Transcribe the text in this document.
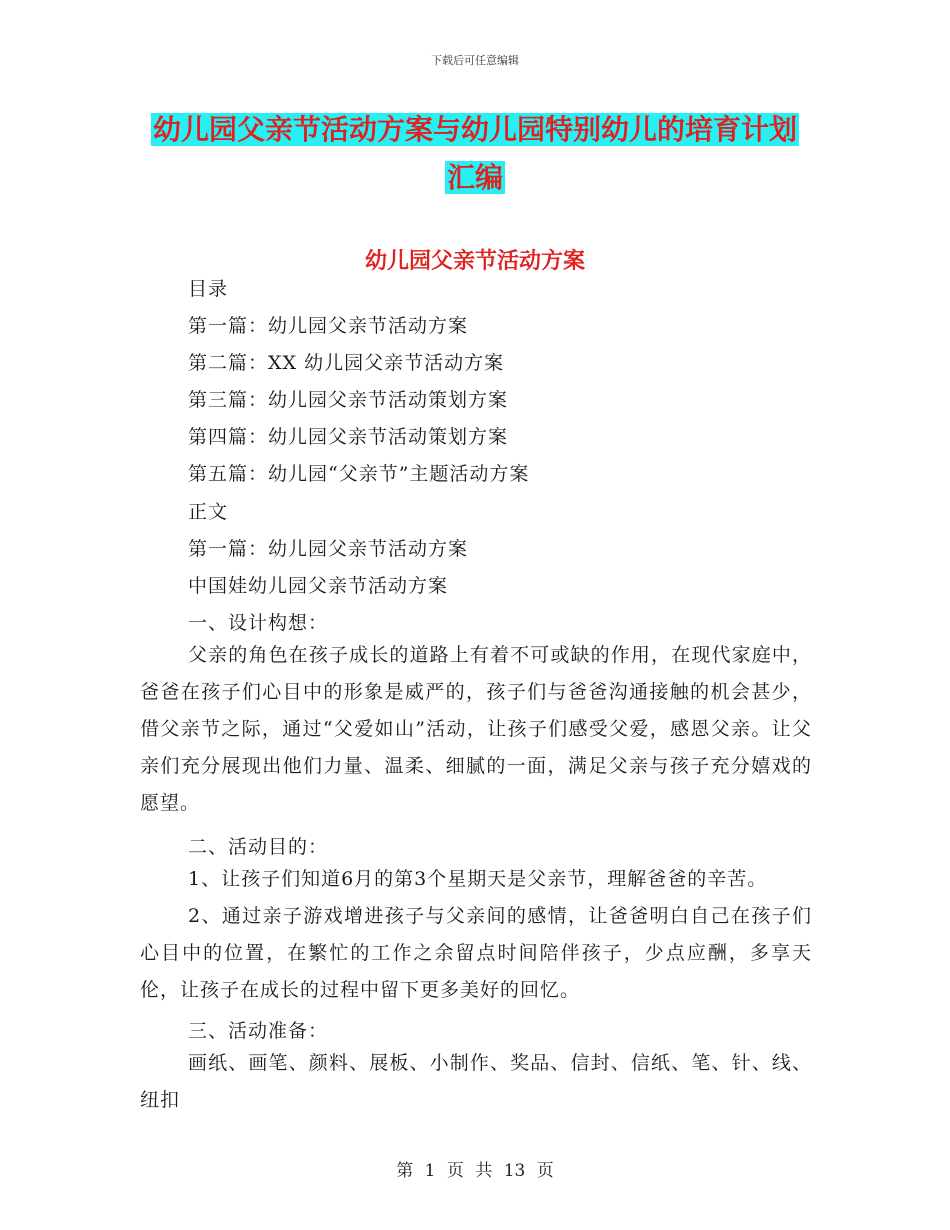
下载后可任意编辑
幼儿园父亲节活动方案与幼儿园特别幼儿的培育计划
汇编
幼儿园父亲节活动方案
目录
第一篇：幼儿园父亲节活动方案
第二篇：XX 幼儿园父亲节活动方案
第三篇：幼儿园父亲节活动策划方案
第四篇：幼儿园父亲节活动策划方案
第五篇：幼儿园“父亲节”主题活动方案
正文
第一篇：幼儿园父亲节活动方案
中国娃幼儿园父亲节活动方案
一、设计构想：
父亲的角色在孩子成长的道路上有着不可或缺的作用，在现代家庭中，爸爸在孩子们心目中的形象是威严的，孩子们与爸爸沟通接触的机会甚少，借父亲节之际，通过“父爱如山”活动，让孩子们感受父爱，感恩父亲。让父亲们充分展现出他们力量、温柔、细腻的一面，满足父亲与孩子充分嬉戏的愿望。
二、活动目的：
1、让孩子们知道6月的第3个星期天是父亲节，理解爸爸的辛苦。
2、通过亲子游戏增进孩子与父亲间的感情，让爸爸明白自己在孩子们心目中的位置，在繁忙的工作之余留点时间陪伴孩子，少点应酬，多享天伦，让孩子在成长的过程中留下更多美好的回忆。
三、活动准备：
画纸、画笔、颜料、展板、小制作、奖品、信封、信纸、笔、针、线、纽扣
第 1 页 共 13 页
